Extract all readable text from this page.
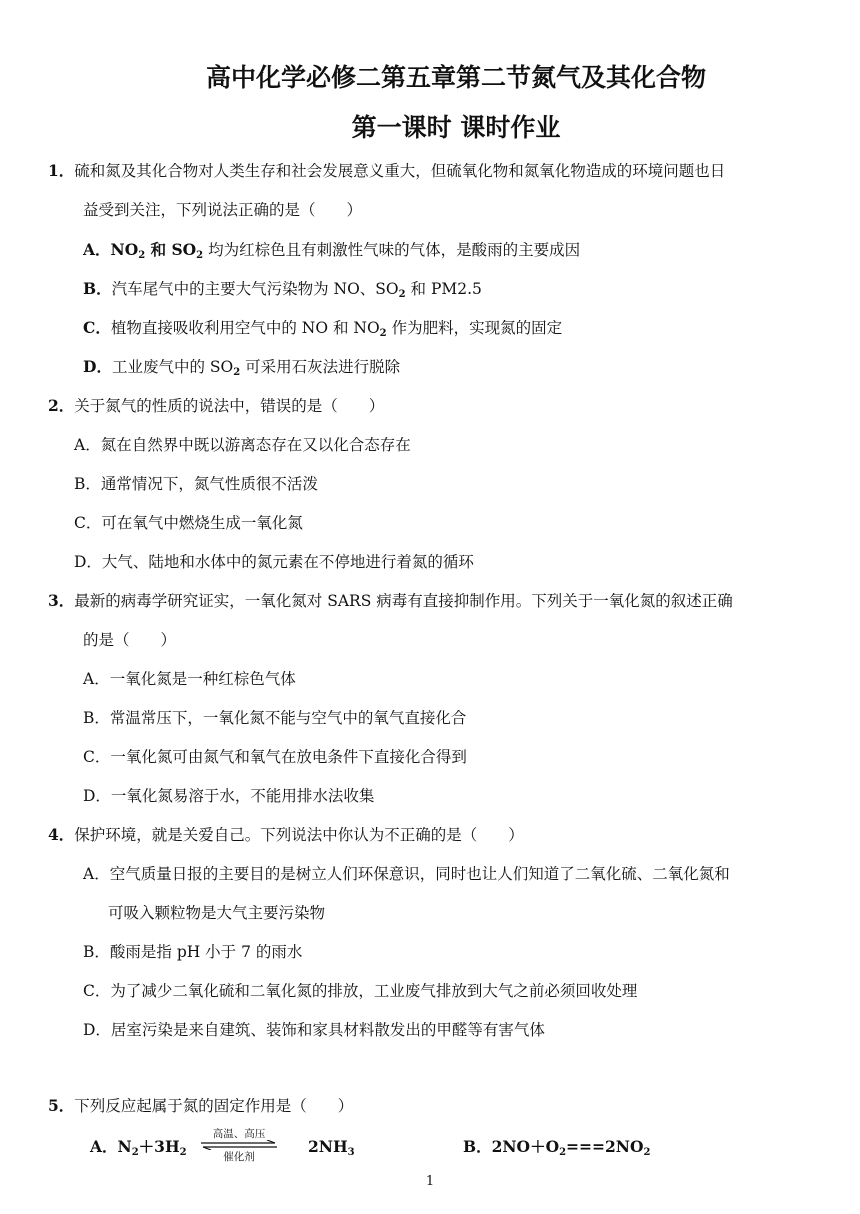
高中化学必修二第五章第二节氮气及其化合物
第一课时 课时作业
1．硫和氮及其化合物对人类生存和社会发展意义重大，但硫氧化物和氮氧化物造成的环境问题也日
益受到关注，下列说法正确的是（　　）
A．$NO_2$ 和 $SO_2$ 均为红棕色且有刺激性气味的气体，是酸雨的主要成因
B．汽车尾气中的主要大气污染物为 NO、$SO_2$ 和 PM2.5
C．植物直接吸收利用空气中的 NO 和 $NO_2$ 作为肥料，实现氮的固定
D．工业废气中的 $SO_2$ 可采用石灰法进行脱除
2．关于氮气的性质的说法中，错误的是（　　）
A．氮在自然界中既以游离态存在又以化合态存在
B．通常情况下，氮气性质很不活泼
C．可在氧气中燃烧生成一氧化氮
D．大气、陆地和水体中的氮元素在不停地进行着氮的循环
3．最新的病毒学研究证实，一氧化氮对 SARS 病毒有直接抑制作用。下列关于一氧化氮的叙述正确
的是（　　）
A．一氧化氮是一种红棕色气体
B．常温常压下，一氧化氮不能与空气中的氧气直接化合
C．一氧化氮可由氮气和氧气在放电条件下直接化合得到
D．一氧化氮易溶于水，不能用排水法收集
4．保护环境，就是关爱自己。下列说法中你认为不正确的是（　　）
A．空气质量日报的主要目的是树立人们环保意识，同时也让人们知道了二氧化硫、二氧化氮和
可吸入颗粒物是大气主要污染物
B．酸雨是指 pH 小于 7 的雨水
C．为了减少二氧化硫和二氧化氮的排放，工业废气排放到大气之前必须回收处理
D．居室污染是来自建筑、装饰和家具材料散发出的甲醛等有害气体
5．下列反应起属于氮的固定作用是（　　）
A．$N_2+3H_2$
高温、高压
催化剂
$2NH_3$	B．$2NO+O_2===2NO_2$
1
